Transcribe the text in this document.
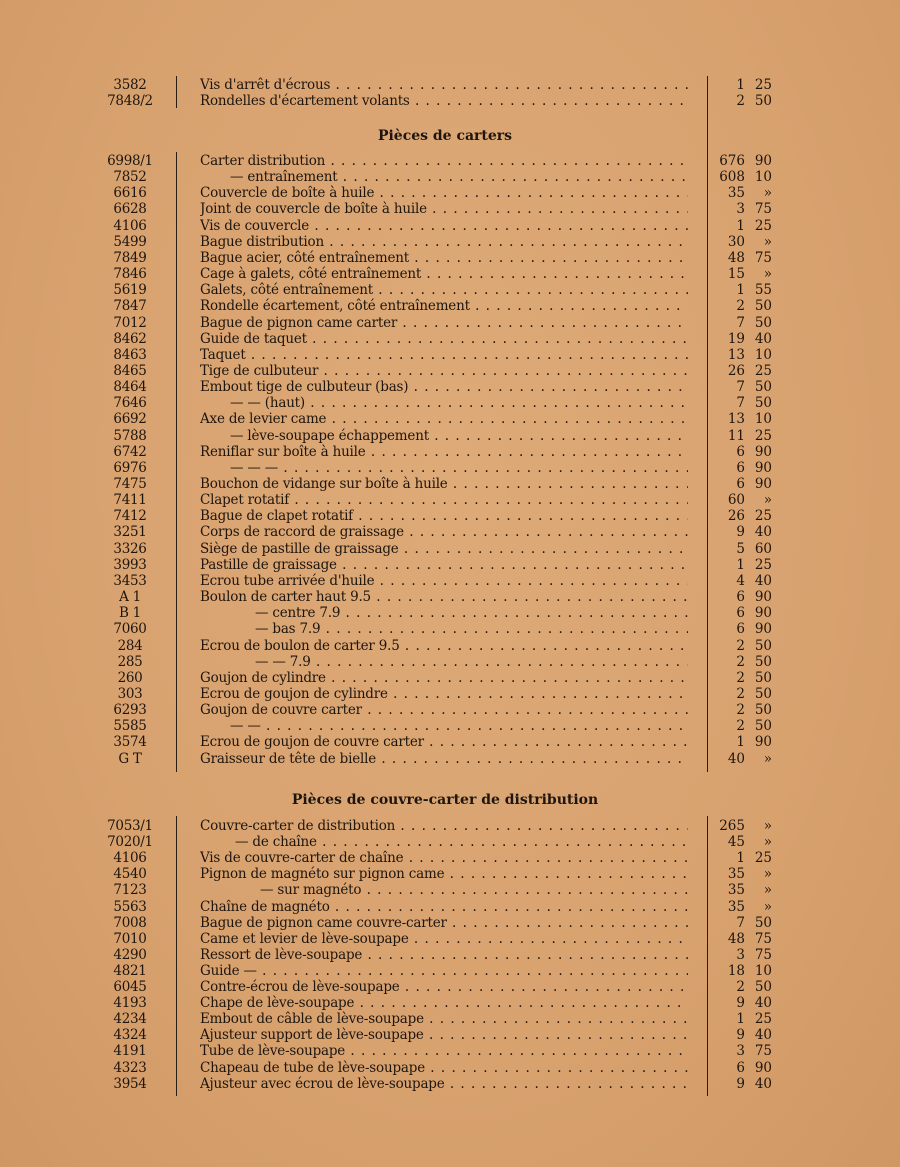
3582	Vis d'arrêt d'écrous . . .	1 25
7848/2	Rondelles d'écartement volants . . .	2 50
Pièces de carters
6998/1	Carter distribution . . .	676 90
7852	— entraînement . . .	608 10
6616	Couvercle de boîte à huile . . .	35 »
6628	Joint de couvercle de boîte à huile . . .	3 75
4106	Vis de couvercle . . .	1 25
5499	Bague distribution . . .	30 »
7849	Bague acier, côté entraînement . . .	48 75
7846	Cage à galets, côté entraînement . . .	15 »
5619	Galets, côté entraînement . . .	1 55
7847	Rondelle écartement, côté entraînement . . .	2 50
7012	Bague de pignon came carter . . .	7 50
8462	Guide de taquet . . .	19 40
8463	Taquet . . .	13 10
8465	Tige de culbuteur . . .	26 25
8464	Embout tige de culbuteur (bas) . . .	7 50
7646	— — (haut) . . .	7 50
6692	Axe de levier came . . .	13 10
5788	— lève-soupape échappement . . .	11 25
6742	Reniflar sur boîte à huile . . .	6 90
6976	— — — . . .	6 90
7475	Bouchon de vidange sur boîte à huile . . .	6 90
7411	Clapet rotatif . . .	60 »
7412	Bague de clapet rotatif . . .	26 25
3251	Corps de raccord de graissage . . .	9 40
3326	Siège de pastille de graissage . . .	5 60
3993	Pastille de graissage . . .	1 25
3453	Ecrou tube arrivée d'huile . . .	4 40
A 1	Boulon de carter haut 9.5 . . .	6 90
B 1	— centre 7.9 . . .	6 90
7060	— bas 7.9 . . .	6 90
284	Ecrou de boulon de carter 9.5 . . .	2 50
285	— — 7.9 . . .	2 50
260	Goujon de cylindre . . .	2 50
303	Ecrou de goujon de cylindre . . .	2 50
6293	Goujon de couvre carter . . .	2 50
5585	— — . . .	2 50
3574	Ecrou de goujon de couvre carter . . .	1 90
G T	Graisseur de tête de bielle . . .	40 »
Pièces de couvre-carter de distribution
7053/1	Couvre-carter de distribution . . .	265 »
7020/1	— de chaîne . . .	45 »
4106	Vis de couvre-carter de chaîne . . .	1 25
4540	Pignon de magnéto sur pignon came . . .	35 »
7123	— sur magnéto . . .	35 »
5563	Chaîne de magnéto . . .	35 »
7008	Bague de pignon came couvre-carter . . .	7 50
7010	Came et levier de lève-soupape . . .	48 75
4290	Ressort de lève-soupape . . .	3 75
4821	Guide — . . .	18 10
6045	Contre-écrou de lève-soupape . . .	2 50
4193	Chape de lève-soupape . . .	9 40
4234	Embout de câble de lève-soupape . . .	1 25
4324	Ajusteur support de lève-soupape . . .	9 40
4191	Tube de lève-soupape . . .	3 75
4323	Chapeau de tube de lève-soupape . . .	6 90
3954	Ajusteur avec écrou de lève-soupape . . .	9 40
